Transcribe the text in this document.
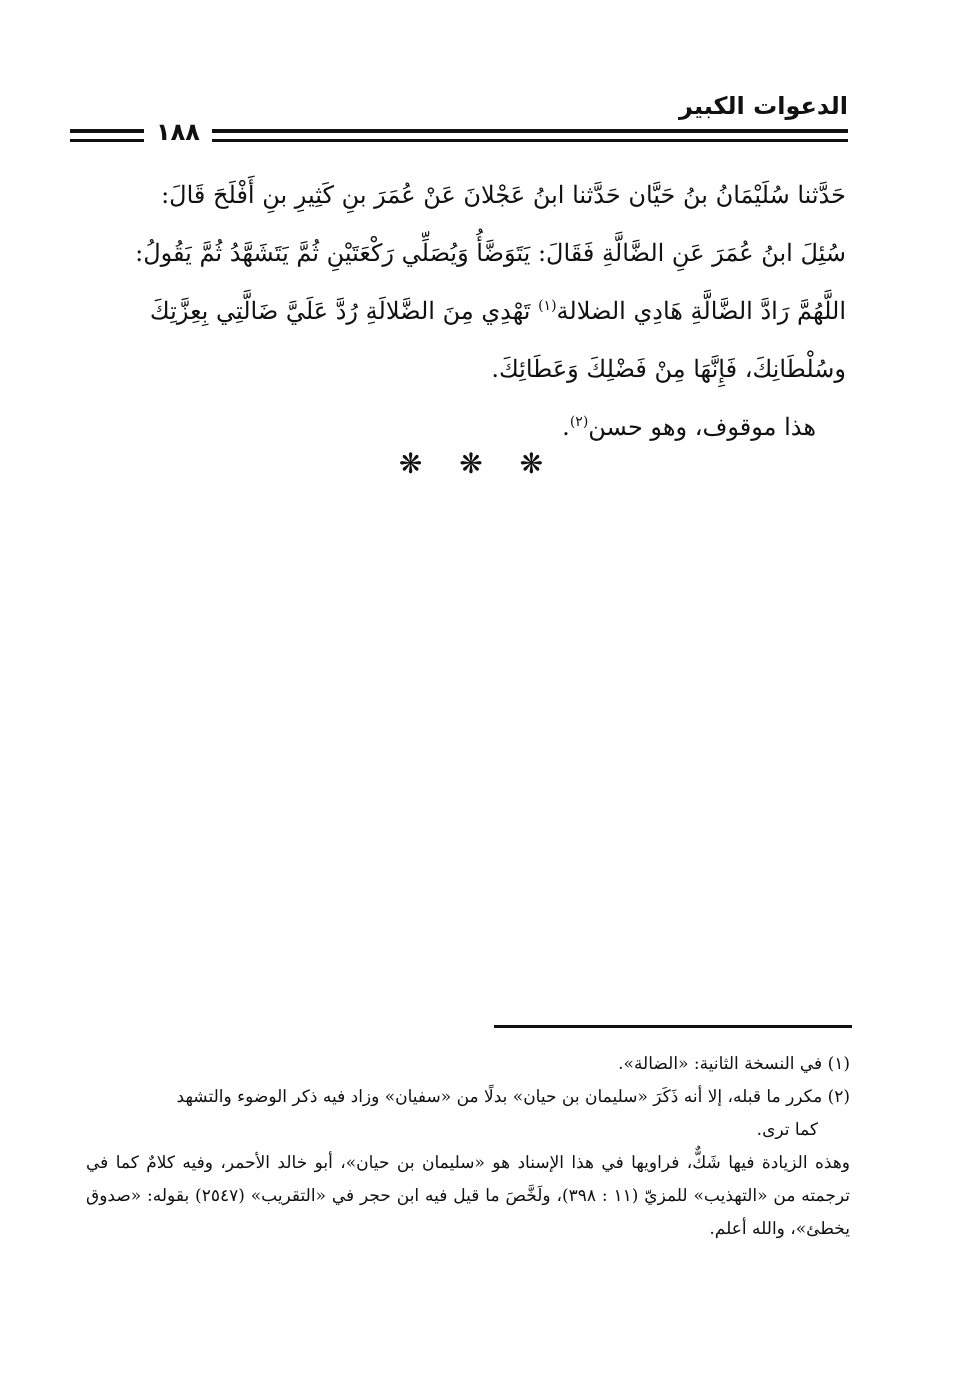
الدعوات الكبير
١٨٨

حَدَّثنا سُلَيْمَانُ بنُ حَيَّان حَدَّثنا ابنُ عَجْلانَ عَنْ عُمَرَ بنِ كَثِيرِ بنِ أَفْلَحَ قَالَ:

سُئِلَ ابنُ عُمَرَ عَنِ الضَّالَّةِ فَقَالَ: يَتَوَضَّأُ وَيُصَلِّي رَكْعَتَيْنِ ثُمَّ يَتَشَهَّدُ ثُمَّ يَقُولُ:

اللَّهُمَّ رَادَّ الضَّالَّةِ هَادِي الضلالة$^{(١)}$ تَهْدِي مِنَ الضَّلالَةِ رُدَّ عَلَيَّ ضَالَّتِي بِعِزَّتِكَ

وسُلْطَانِكَ، فَإِنَّهَا مِنْ فَضْلِكَ وَعَطَائِكَ.

هذا موقوف، وهو حسن$^{(٢)}$.

❋ ❋ ❋

(١) في النسخة الثانية: «الضالة».

(٢) مكرر ما قبله، إلا أنه ذَكَرَ «سليمان بن حيان» بدلًا من «سفيان» وزاد فيه ذكر الوضوء والتشهد

كما ترى.

وهذه الزيادة فيها شَكٌّ، فراويها في هذا الإسناد هو «سليمان بن حيان»، أبو خالد الأحمر، وفيه كلامٌ كما في ترجمته من «التهذيب» للمزيّ (١١ : ٣٩٨)، ولَخَّصَ ما قيل فيه ابن حجر في «التقريب» (٢٥٤٧) بقوله: «صدوق يخطئ»، والله أعلم.
